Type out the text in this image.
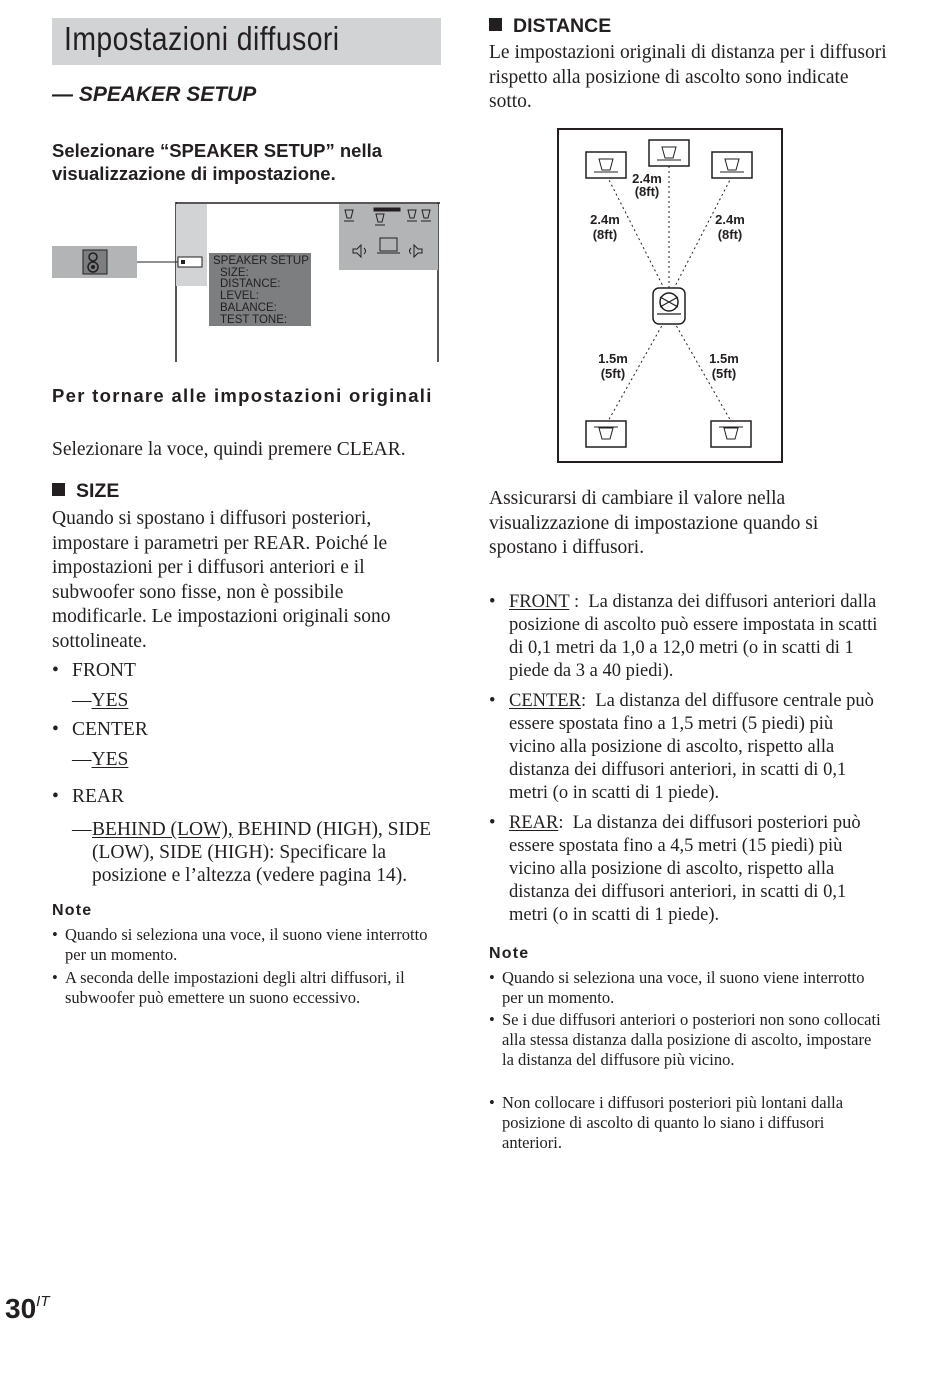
Impostazioni diffusori
— SPEAKER SETUP
Selezionare “SPEAKER SETUP” nella visualizzazione di impostazione.
SPEAKER SETUP
SIZE:
DISTANCE:
LEVEL:
BALANCE:
TEST TONE:
Per tornare alle impostazioni originali
Selezionare la voce, quindi premere CLEAR.
SIZE
Quando si spostano i diffusori posteriori, impostare i parametri per REAR. Poiché le impostazioni per i diffusori anteriori e il subwoofer sono fisse, non è possibile modificarle. Le impostazioni originali sono sottolineate.
• FRONT
—YES
• CENTER
—YES
• REAR
— BEHIND (LOW), BEHIND (HIGH), SIDE (LOW), SIDE (HIGH): Specificare la posizione e l’altezza (vedere pagina 14).
Note
• Quando si seleziona una voce, il suono viene interrotto per un momento.
• A seconda delle impostazioni degli altri diffusori, il subwoofer può emettere un suono eccessivo.
DISTANCE
Le impostazioni originali di distanza per i diffusori rispetto alla posizione di ascolto sono indicate sotto.
2.4m
(8ft)
2.4m
(8ft)
2.4m
(8ft)
1.5m
(5ft)
1.5m
(5ft)
Assicurarsi di cambiare il valore nella visualizzazione di impostazione quando si spostano i diffusori.
• FRONT :  La distanza dei diffusori anteriori dalla posizione di ascolto può essere impostata in scatti di 0,1 metri da 1,0 a 12,0 metri (o in scatti di 1 piede da 3 a 40 piedi).
• CENTER:  La distanza del diffusore centrale può essere spostata fino a 1,5 metri (5 piedi) più vicino alla posizione di ascolto, rispetto alla distanza dei diffusori anteriori, in scatti di 0,1 metri (o in scatti di 1 piede).
• REAR:  La distanza dei diffusori posteriori può essere spostata fino a 4,5 metri (15 piedi) più vicino alla posizione di ascolto, rispetto alla distanza dei diffusori anteriori, in scatti di 0,1 metri (o in scatti di 1 piede).
Note
• Quando si seleziona una voce, il suono viene interrotto per un momento.
• Se i due diffusori anteriori o posteriori non sono collocati alla stessa distanza dalla posizione di ascolto, impostare la distanza del diffusore più vicino.
• Non collocare i diffusori posteriori più lontani dalla posizione di ascolto di quanto lo siano i diffusori anteriori.
$30^{IT}$
